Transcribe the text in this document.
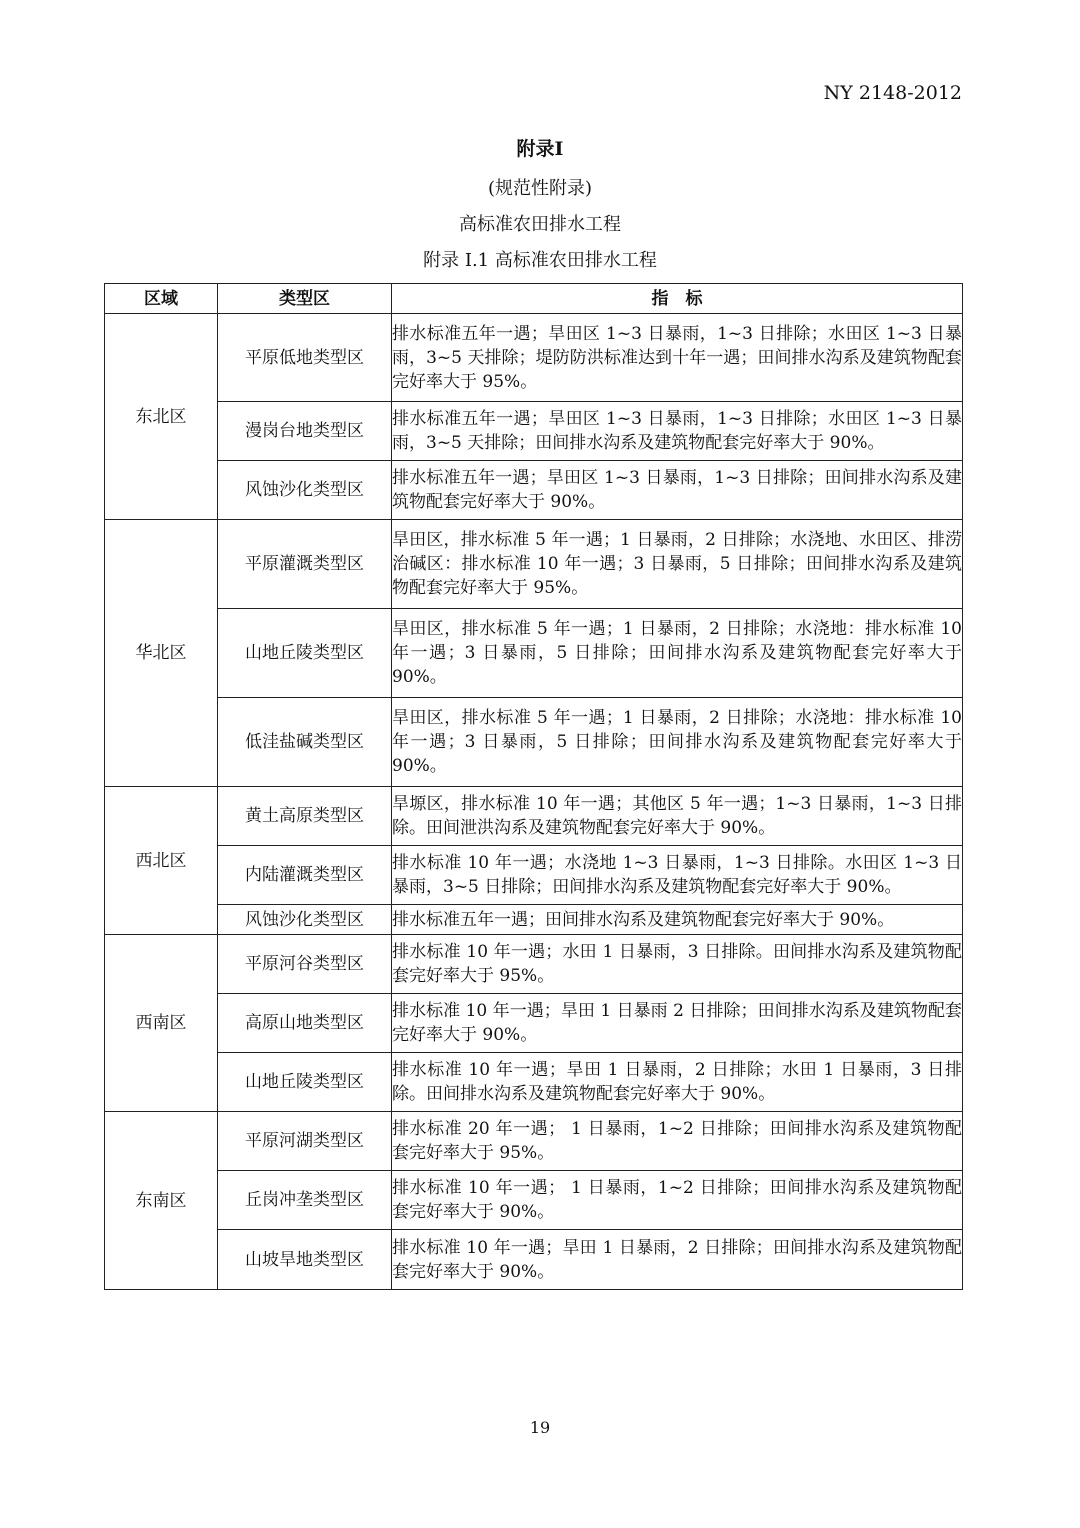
NY 2148-2012
附录I
(规范性附录)
高标准农田排水工程
附录 I.1 高标准农田排水工程
区域	类型区	指　标
东北区	平原低地类型区	排水标准五年一遇；旱田区 1~3 日暴雨，1~3 日排除；水田区 1~3 日暴雨，3~5 天排除；堤防防洪标准达到十年一遇；田间排水沟系及建筑物配套完好率大于 95%。
	漫岗台地类型区	排水标准五年一遇；旱田区 1~3 日暴雨，1~3 日排除；水田区 1~3 日暴雨，3~5 天排除；田间排水沟系及建筑物配套完好率大于 90%。
	风蚀沙化类型区	排水标准五年一遇；旱田区 1~3 日暴雨，1~3 日排除；田间排水沟系及建筑物配套完好率大于 90%。
华北区	平原灌溉类型区	旱田区，排水标准 5 年一遇；1 日暴雨，2 日排除；水浇地、水田区、排涝治碱区：排水标准 10 年一遇；3 日暴雨，5 日排除；田间排水沟系及建筑物配套完好率大于 95%。
	山地丘陵类型区	旱田区，排水标准 5 年一遇；1 日暴雨，2 日排除；水浇地：排水标准 10 年一遇；3 日暴雨，5 日排除；田间排水沟系及建筑物配套完好率大于 90%。
	低洼盐碱类型区	旱田区，排水标准 5 年一遇；1 日暴雨，2 日排除；水浇地：排水标准 10 年一遇；3 日暴雨，5 日排除；田间排水沟系及建筑物配套完好率大于 90%。
西北区	黄土高原类型区	旱塬区，排水标准 10 年一遇；其他区 5 年一遇；1~3 日暴雨，1~3 日排除。田间泄洪沟系及建筑物配套完好率大于 90%。
	内陆灌溉类型区	排水标准 10 年一遇；水浇地 1~3 日暴雨，1~3 日排除。水田区 1~3 日暴雨，3~5 日排除；田间排水沟系及建筑物配套完好率大于 90%。
	风蚀沙化类型区	排水标准五年一遇；田间排水沟系及建筑物配套完好率大于 90%。
西南区	平原河谷类型区	排水标准 10 年一遇；水田 1 日暴雨，3 日排除。田间排水沟系及建筑物配套完好率大于 95%。
	高原山地类型区	排水标准 10 年一遇；旱田 1 日暴雨 2 日排除；田间排水沟系及建筑物配套完好率大于 90%。
	山地丘陵类型区	排水标准 10 年一遇；旱田 1 日暴雨，2 日排除；水田 1 日暴雨，3 日排除。田间排水沟系及建筑物配套完好率大于 90%。
东南区	平原河湖类型区	排水标准 20 年一遇； 1 日暴雨，1~2 日排除；田间排水沟系及建筑物配套完好率大于 95%。
	丘岗冲垄类型区	排水标准 10 年一遇； 1 日暴雨，1~2 日排除；田间排水沟系及建筑物配套完好率大于 90%。
	山坡旱地类型区	排水标准 10 年一遇；旱田 1 日暴雨，2 日排除；田间排水沟系及建筑物配套完好率大于 90%。
19
